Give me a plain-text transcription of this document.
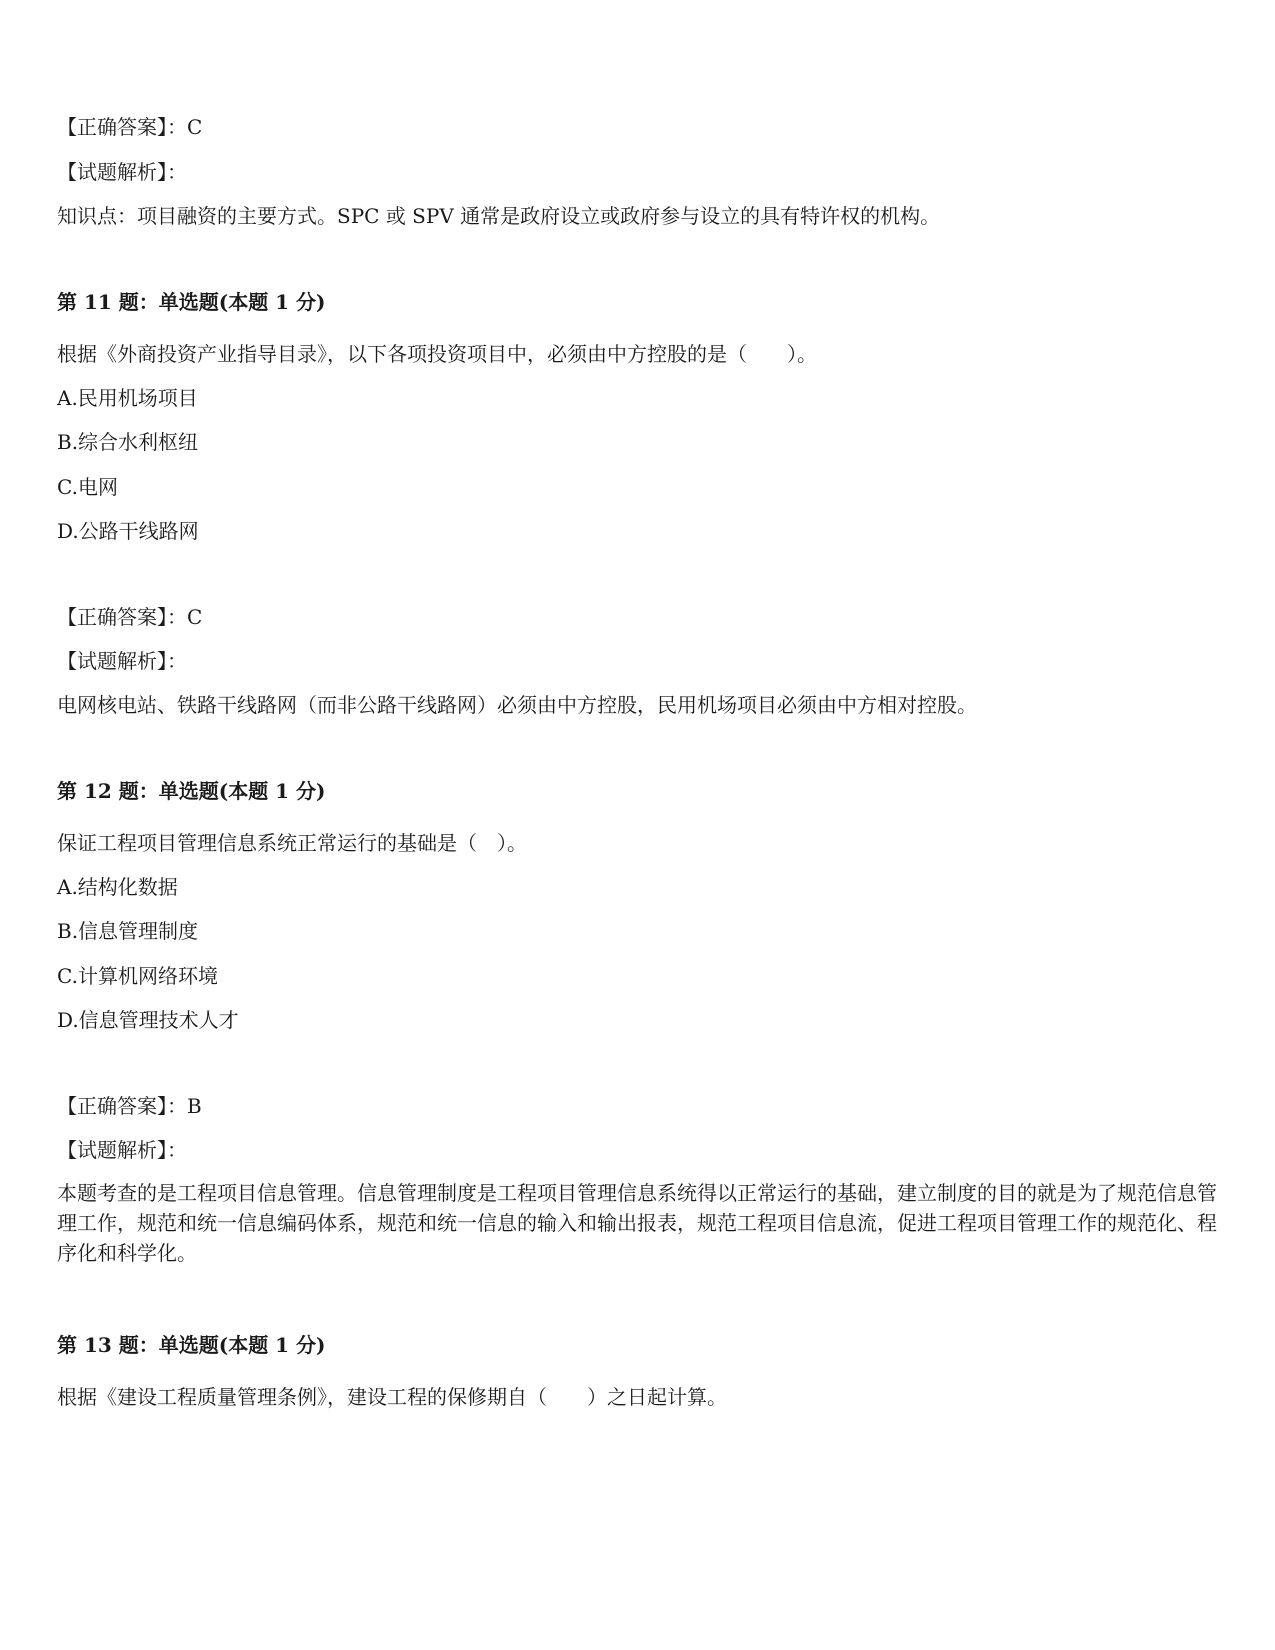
【正确答案】：C
【试题解析】：
知识点：项目融资的主要方式。SPC 或 SPV 通常是政府设立或政府参与设立的具有特许权的机构。
第 11 题：单选题(本题 1 分)
根据《外商投资产业指导目录》，以下各项投资项目中，必须由中方控股的是（　　）。
A.民用机场项目
B.综合水利枢纽
C.电网
D.公路干线路网
【正确答案】：C
【试题解析】：
电网核电站、铁路干线路网（而非公路干线路网）必须由中方控股，民用机场项目必须由中方相对控股。
第 12 题：单选题(本题 1 分)
保证工程项目管理信息系统正常运行的基础是（　）。
A.结构化数据
B.信息管理制度
C.计算机网络环境
D.信息管理技术人才
【正确答案】：B
【试题解析】：
本题考查的是工程项目信息管理。信息管理制度是工程项目管理信息系统得以正常运行的基础，建立制度的目的就是为了规范信息管理工作，规范和统一信息编码体系，规范和统一信息的输入和输出报表，规范工程项目信息流，促进工程项目管理工作的规范化、程序化和科学化。
第 13 题：单选题(本题 1 分)
根据《建设工程质量管理条例》，建设工程的保修期自（　　）之日起计算。
